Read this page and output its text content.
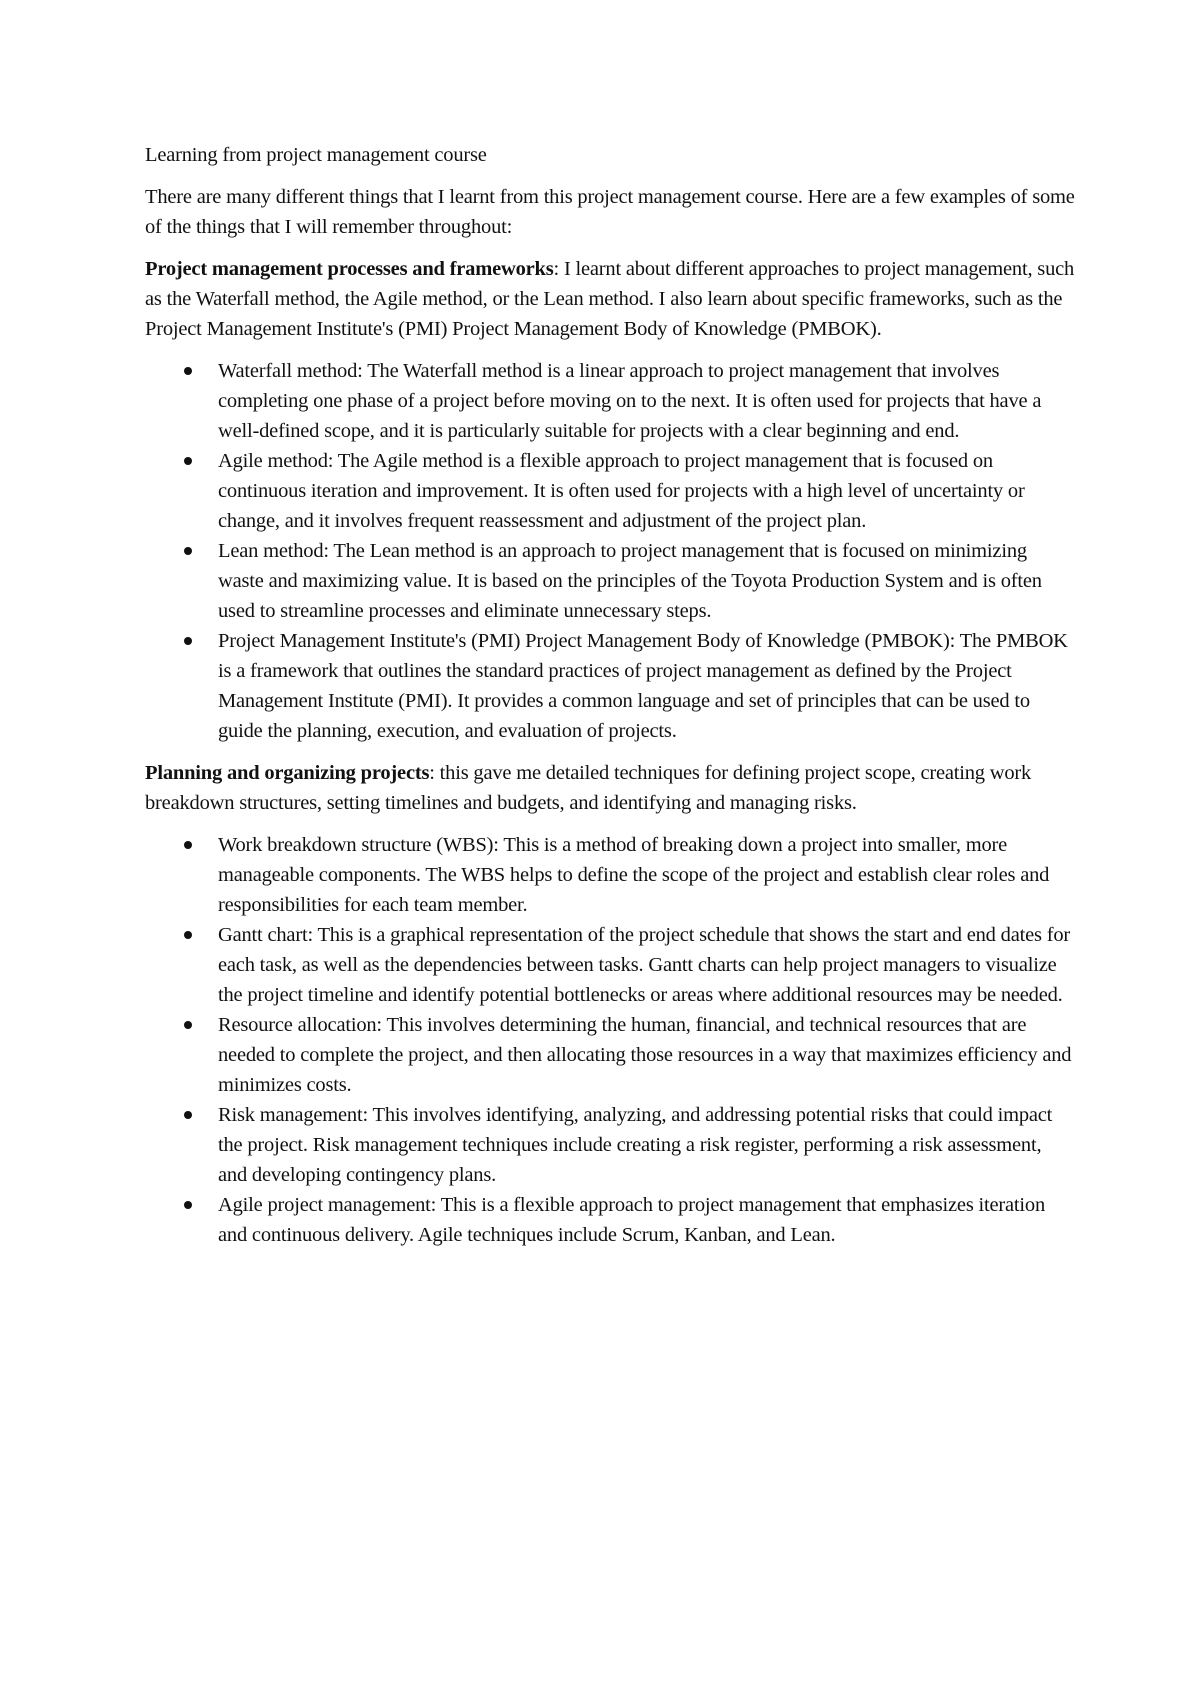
Learning from project management course

There are many different things that I learnt from this project management course. Here are a few examples of some of the things that I will remember throughout:

Project management processes and frameworks: I learnt about different approaches to project management, such as the Waterfall method, the Agile method, or the Lean method. I also learn about specific frameworks, such as the Project Management Institute's (PMI) Project Management Body of Knowledge (PMBOK).

Waterfall method: The Waterfall method is a linear approach to project management that involves completing one phase of a project before moving on to the next. It is often used for projects that have a well-defined scope, and it is particularly suitable for projects with a clear beginning and end.
Agile method: The Agile method is a flexible approach to project management that is focused on continuous iteration and improvement. It is often used for projects with a high level of uncertainty or change, and it involves frequent reassessment and adjustment of the project plan.
Lean method: The Lean method is an approach to project management that is focused on minimizing waste and maximizing value. It is based on the principles of the Toyota Production System and is often used to streamline processes and eliminate unnecessary steps.
Project Management Institute's (PMI) Project Management Body of Knowledge (PMBOK): The PMBOK is a framework that outlines the standard practices of project management as defined by the Project Management Institute (PMI). It provides a common language and set of principles that can be used to guide the planning, execution, and evaluation of projects.

Planning and organizing projects: this gave me detailed techniques for defining project scope, creating work breakdown structures, setting timelines and budgets, and identifying and managing risks.

Work breakdown structure (WBS): This is a method of breaking down a project into smaller, more manageable components. The WBS helps to define the scope of the project and establish clear roles and responsibilities for each team member.
Gantt chart: This is a graphical representation of the project schedule that shows the start and end dates for each task, as well as the dependencies between tasks. Gantt charts can help project managers to visualize the project timeline and identify potential bottlenecks or areas where additional resources may be needed.
Resource allocation: This involves determining the human, financial, and technical resources that are needed to complete the project, and then allocating those resources in a way that maximizes efficiency and minimizes costs.
Risk management: This involves identifying, analyzing, and addressing potential risks that could impact the project. Risk management techniques include creating a risk register, performing a risk assessment, and developing contingency plans.
Agile project management: This is a flexible approach to project management that emphasizes iteration and continuous delivery. Agile techniques include Scrum, Kanban, and Lean.
